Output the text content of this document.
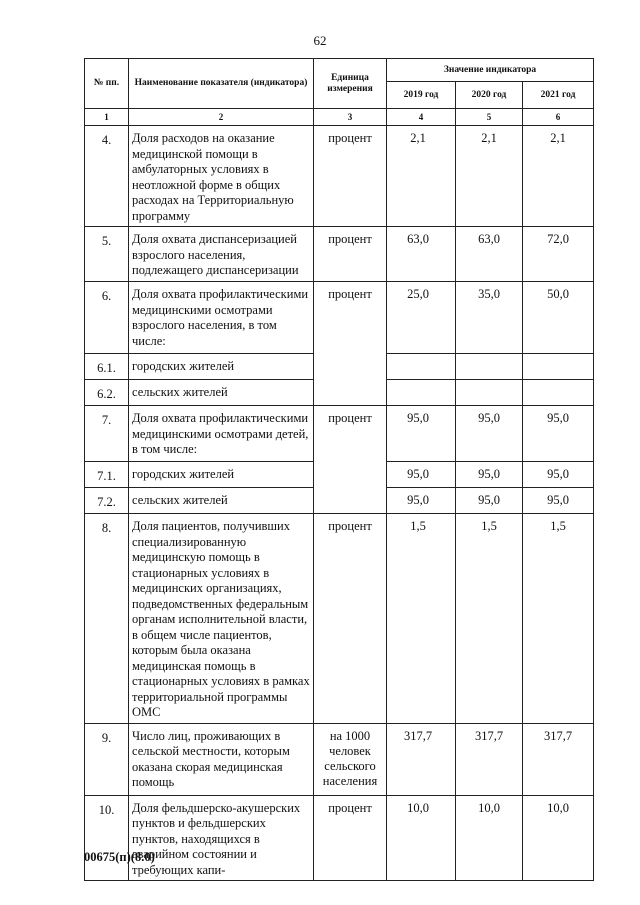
62
№ пп.	Наименование показателя (индикатора)	Единица измерения	Значение индикатора		
			2019 год	2020 год	2021 год
1	2	3	4	5	6
4.	Доля расходов на оказание медицинской помощи в амбулаторных условиях в неотложной форме в общих расходах на Территориальную программу	процент	2,1	2,1	2,1
5.	Доля охвата диспансеризацией взрослого населения, подлежащего диспансеризации	процент	63,0	63,0	72,0
6.	Доля охвата профилактическими медицинскими осмотрами взрослого населения, в том числе:	процент	25,0	35,0	50,0
6.1.	городских жителей				
6.2.	сельских жителей				
7.	Доля охвата профилактическими медицинскими осмотрами детей, в том числе:	процент	95,0	95,0	95,0
7.1.	городских жителей		95,0	95,0	95,0
7.2.	сельских жителей		95,0	95,0	95,0
8.	Доля пациентов, получивших специализированную медицинскую помощь в стационарных условиях в медицинских организациях, подведомственных федеральным органам исполнительной власти, в общем числе пациентов, которым была оказана медицинская помощь в стационарных условиях в рамках территориальной программы ОМС	процент	1,5	1,5	1,5
9.	Число лиц, проживающих в сельской местности, которым оказана скорая медицинская помощь	на 1000 человек сельского населения	317,7	317,7	317,7
10.	Доля фельдшерско-акушерских пунктов и фельдшерских пунктов, находящихся в аварийном состоянии и требующих капи-	процент	10,0	10,0	10,0
00675(п)(8.0)
